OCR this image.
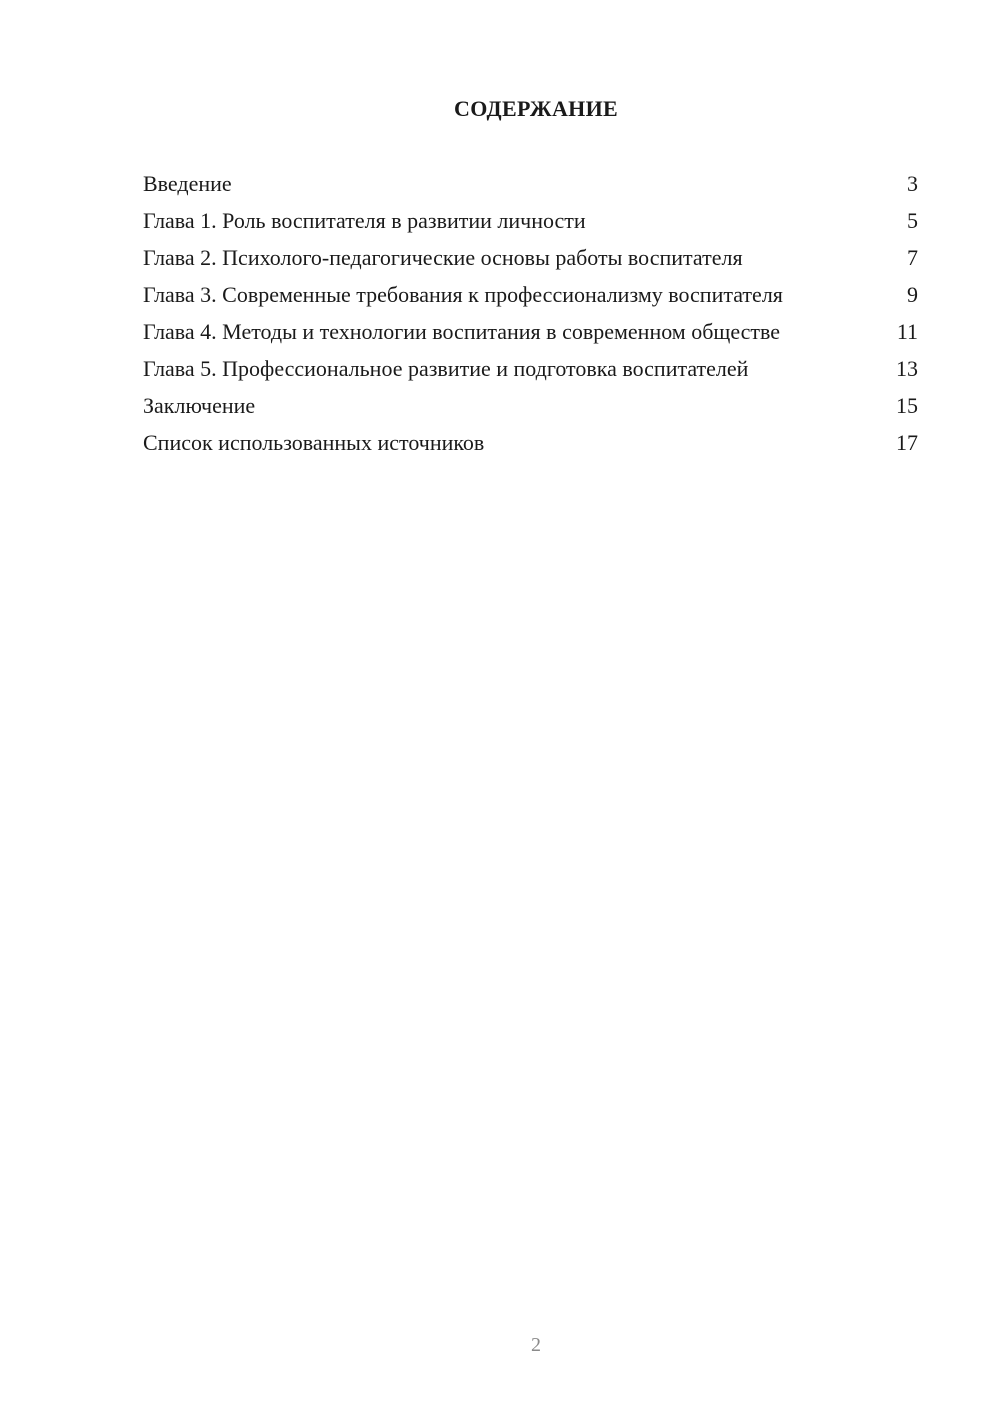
СОДЕРЖАНИЕ
Введение	3
Глава 1. Роль воспитателя в развитии личности	5
Глава 2. Психолого-педагогические основы работы воспитателя	7
Глава 3. Современные требования к профессионализму воспитателя	9
Глава 4. Методы и технологии воспитания в современном обществе	11
Глава 5. Профессиональное развитие и подготовка воспитателей	13
Заключение	15
Список использованных источников	17
2
